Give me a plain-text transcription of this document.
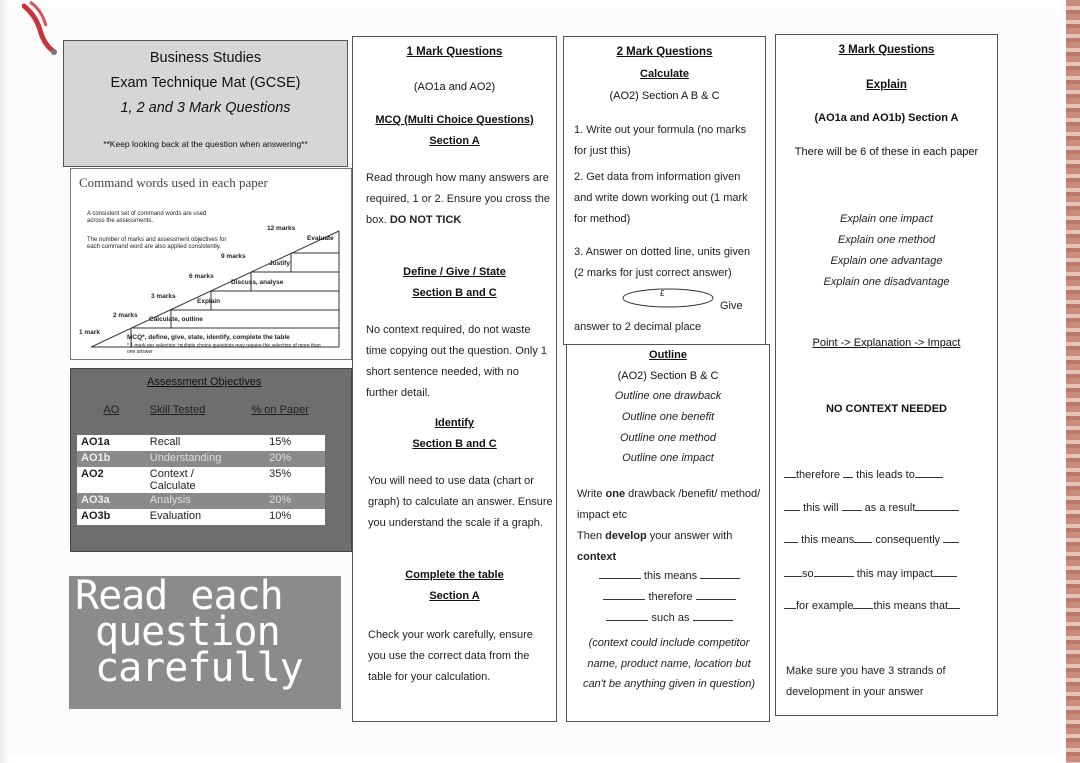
Business Studies
Exam Technique Mat (GCSE)
1, 2 and 3 Mark Questions
**Keep looking back at the question when answering**
Command words used in each paper
A consistent set of command words are used across the assessments.
The number of marks and assessment objectives for each command word are also applied consistently.
1 mark
MCQ*, define, give, state, identify, complete the table
2 marks
Calculate, outline
3 marks
Explain
6 marks
Discuss, analyse
9 marks
Justify
12 marks
Evaluate
* 1 mark per selection; multiple choice questions may require the selection of more than one answer
Assessment Objectives
AO	Skill Tested	% on Paper

AO1a	Recall	15%
AO1b	Understanding	20%
AO2	Context / Calculate	35%
AO3a	Analysis	20%
AO3b	Evaluation	10%
Read each
question
carefully
1 Mark Questions
(AO1a and AO2)
MCQ (Multi Choice Questions)
Section A
Read through how many answers are required, 1 or 2. Ensure you cross the box. DO NOT TICK
Define / Give / State
Section B and C
No context required, do not waste time copying out the question. Only 1 short sentence needed, with no further detail.
Identify
Section B and C
You will need to use data (chart or graph) to calculate an answer. Ensure you understand the scale if a graph.
Complete the table
Section A
Check your work carefully, ensure you use the correct data from the table for your calculation.
2 Mark Questions
Calculate
(AO2) Section A B & C
1. Write out your formula (no marks for just this)
2. Get data from information given and write down working out (1 mark for method)
3. Answer on dotted line, units given (2 marks for just correct answer)
£
Give answer to 2 decimal place
Outline
(AO2) Section B & C
Outline one drawback
Outline one benefit
Outline one method
Outline one impact
Write one drawback /benefit/ method/ impact etc
Then develop your answer with context
this means
therefore
such as
(context could include competitor name, product name, location but can't be anything given in question)
3 Mark Questions
Explain
(AO1a and AO1b) Section A
There will be 6 of these in each paper
Explain one impact
Explain one method
Explain one advantage
Explain one disadvantage
Point -> Explanation -> Impact
NO CONTEXT NEEDED
therefore this leads to
this will as a result
this means consequently
so	this may impact
for example this means that
Make sure you have 3 strands of development in your answer
